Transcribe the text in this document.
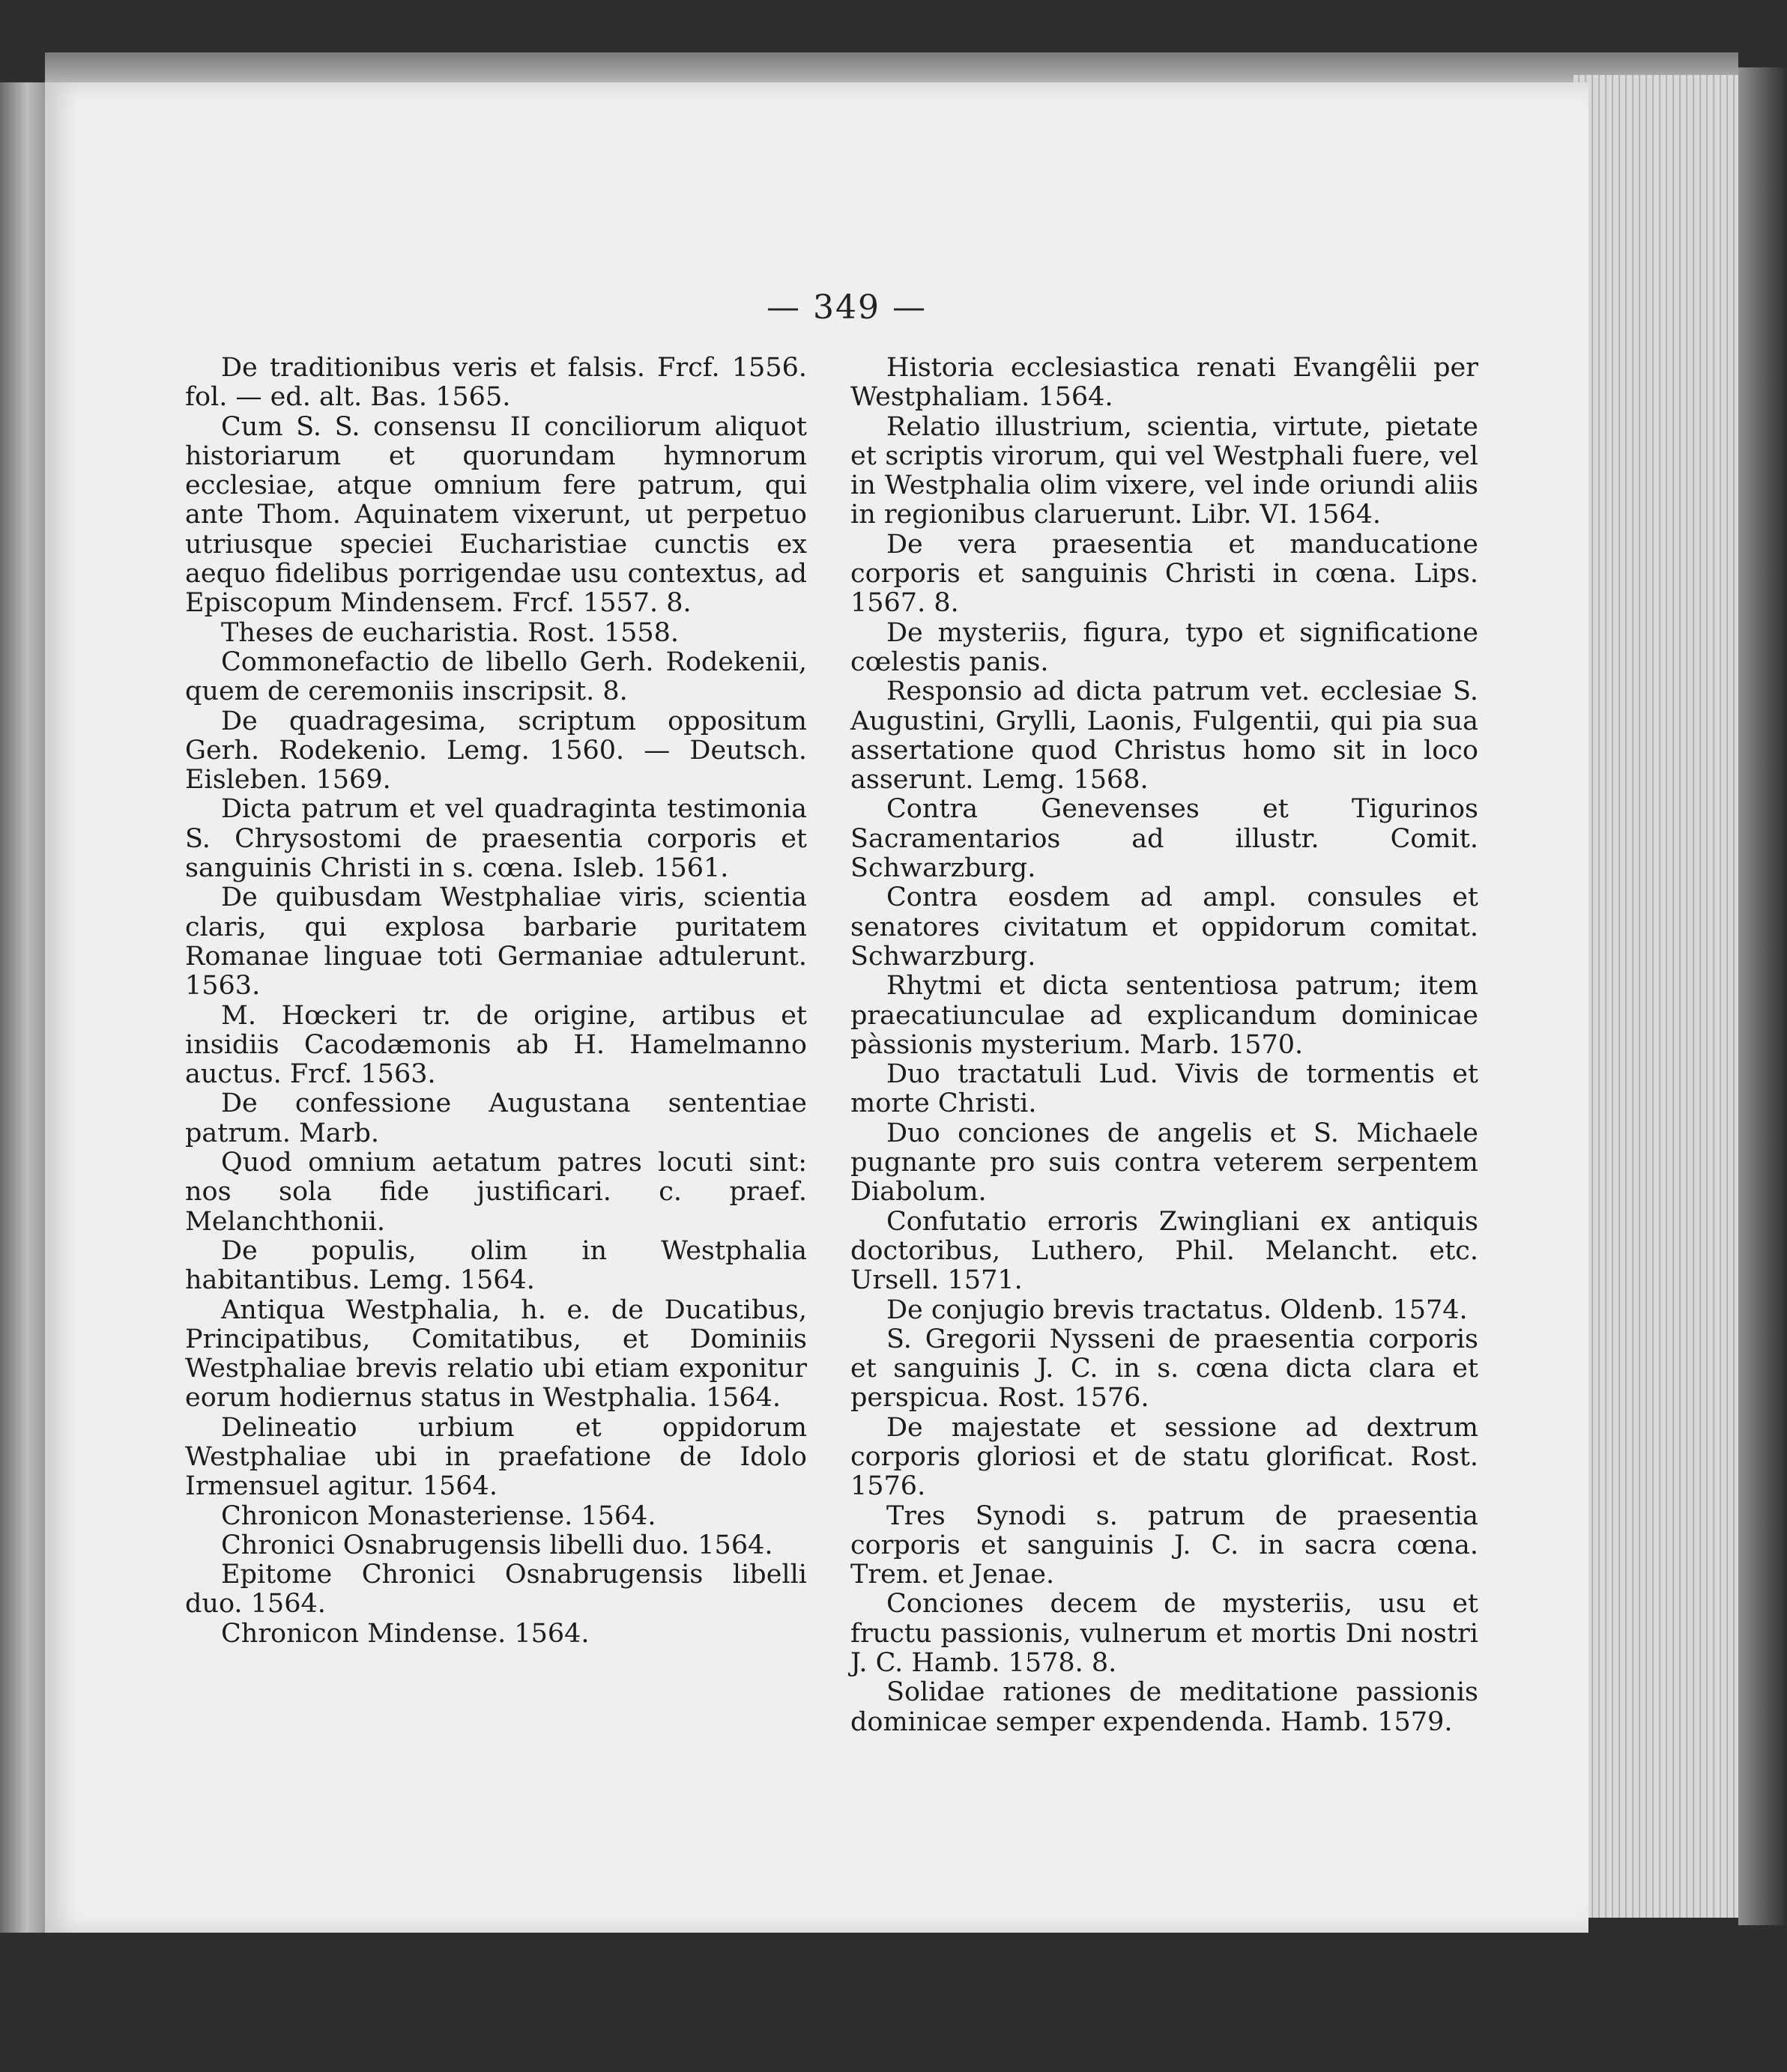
— 349 —

De traditionibus veris et falsis. Frcf. 1556. fol. — ed. alt. Bas. 1565.

Cum S. S. consensu II conciliorum aliquot historiarum et quorundam hymnorum ecclesiae, atque omnium fere patrum, qui ante Thom. Aquinatem vixerunt, ut perpetuo utriusque speciei Eucharistiae cunctis ex aequo fidelibus porrigendae usu contextus, ad Episcopum Mindensem. Frcf. 1557. 8.

Theses de eucharistia. Rost. 1558.

Commonefactio de libello Gerh. Rodekenii, quem de ceremoniis inscripsit. 8.

De quadragesima, scriptum oppositum Gerh. Rodekenio. Lemg. 1560. — Deutsch. Eisleben. 1569.

Dicta patrum et vel quadraginta testimonia S. Chrysostomi de praesentia corporis et sanguinis Christi in s. cœna. Isleb. 1561.

De quibusdam Westphaliae viris, scientia claris, qui explosa barbarie puritatem Romanae linguae toti Germaniae adtulerunt. 1563.

M. Hœckeri tr. de origine, artibus et insidiis Cacodæmonis ab H. Hamelmanno auctus. Frcf. 1563.

De confessione Augustana sententiae patrum. Marb.

Quod omnium aetatum patres locuti sint: nos sola fide justificari. c. praef. Melanchthonii.

De populis, olim in Westphalia habitantibus. Lemg. 1564.

Antiqua Westphalia, h. e. de Ducatibus, Principatibus, Comitatibus, et Dominiis Westphaliae brevis relatio ubi etiam exponitur eorum hodiernus status in Westphalia. 1564.

Delineatio urbium et oppidorum Westphaliae ubi in praefatione de Idolo Irmensuel agitur. 1564.

Chronicon Monasteriense. 1564.

Chronici Osnabrugensis libelli duo. 1564.

Epitome Chronici Osnabrugensis libelli duo. 1564.

Chronicon Mindense. 1564.

Historia ecclesiastica renati Evangêlii per Westphaliam. 1564.

Relatio illustrium, scientia, virtute, pietate et scriptis virorum, qui vel Westphali fuere, vel in Westphalia olim vixere, vel inde oriundi aliis in regionibus claruerunt. Libr. VI. 1564.

De vera praesentia et manducatione corporis et sanguinis Christi in cœna. Lips. 1567. 8.

De mysteriis, figura, typo et significatione cœlestis panis.

Responsio ad dicta patrum vet. ecclesiae S. Augustini, Grylli, Laonis, Fulgentii, qui pia sua assertatione quod Christus homo sit in loco asserunt. Lemg. 1568.

Contra Genevenses et Tigurinos Sacramentarios ad illustr. Comit. Schwarzburg.

Contra eosdem ad ampl. consules et senatores civitatum et oppidorum comitat. Schwarzburg.

Rhytmi et dicta sententiosa patrum; item praecatiunculae ad explicandum dominicae pàssionis mysterium. Marb. 1570.

Duo tractatuli Lud. Vivis de tormentis et morte Christi.

Duo conciones de angelis et S. Michaele pugnante pro suis contra veterem serpentem Diabolum.

Confutatio erroris Zwingliani ex antiquis doctoribus, Luthero, Phil. Melancht. etc. Ursell. 1571.

De conjugio brevis tractatus. Oldenb. 1574.

S. Gregorii Nysseni de praesentia corporis et sanguinis J. C. in s. cœna dicta clara et perspicua. Rost. 1576.

De majestate et sessione ad dextrum corporis gloriosi et de statu glorificat. Rost. 1576.

Tres Synodi s. patrum de praesentia corporis et sanguinis J. C. in sacra cœna. Trem. et Jenae.

Conciones decem de mysteriis, usu et fructu passionis, vulnerum et mortis Dni nostri J. C. Hamb. 1578. 8.

Solidae rationes de meditatione passionis dominicae semper expendenda. Hamb. 1579.
